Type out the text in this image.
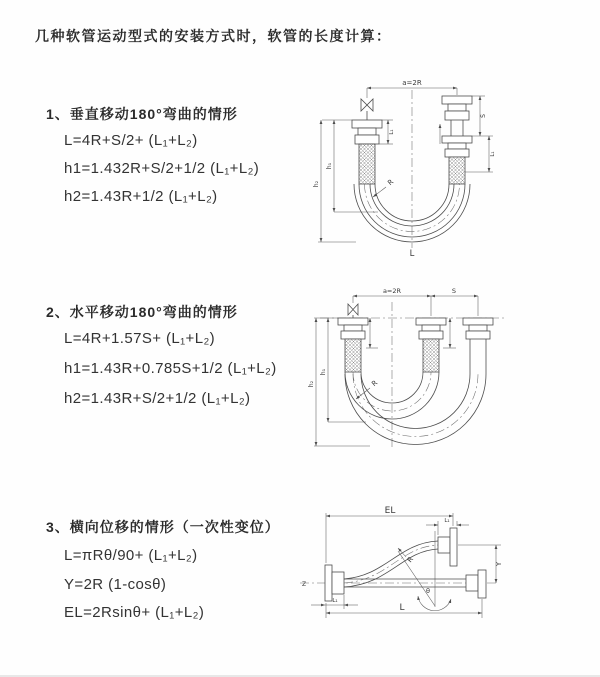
几种软管运动型式的安装方式时，软管的长度计算：
1、垂直移动180°弯曲的情形
L=4R+S/2+ (L₁+L₂)
h1=1.432R+S/2+1/2 (L₁+L₂)
h2=1.43R+1/2 (L₁+L₂)
2、水平移动180°弯曲的情形
L=4R+1.57S+ (L₁+L₂)
h1=1.43R+0.785S+1/2 (L₁+L₂)
h2=1.43R+S/2+1/2 (L₁+L₂)
3、横向位移的情形（一次性变位）
L=πRθ/90+ (L₁+L₂)
Y=2R (1-cosθ)
EL=2Rsinθ+ (L₁+L₂)
a=2R
h₁
h₂
L₁
S
L₁
R
L
a=2R	S
h₁
h₂	R
Z
θ
R
EL
L₁
Y
L
L₁
